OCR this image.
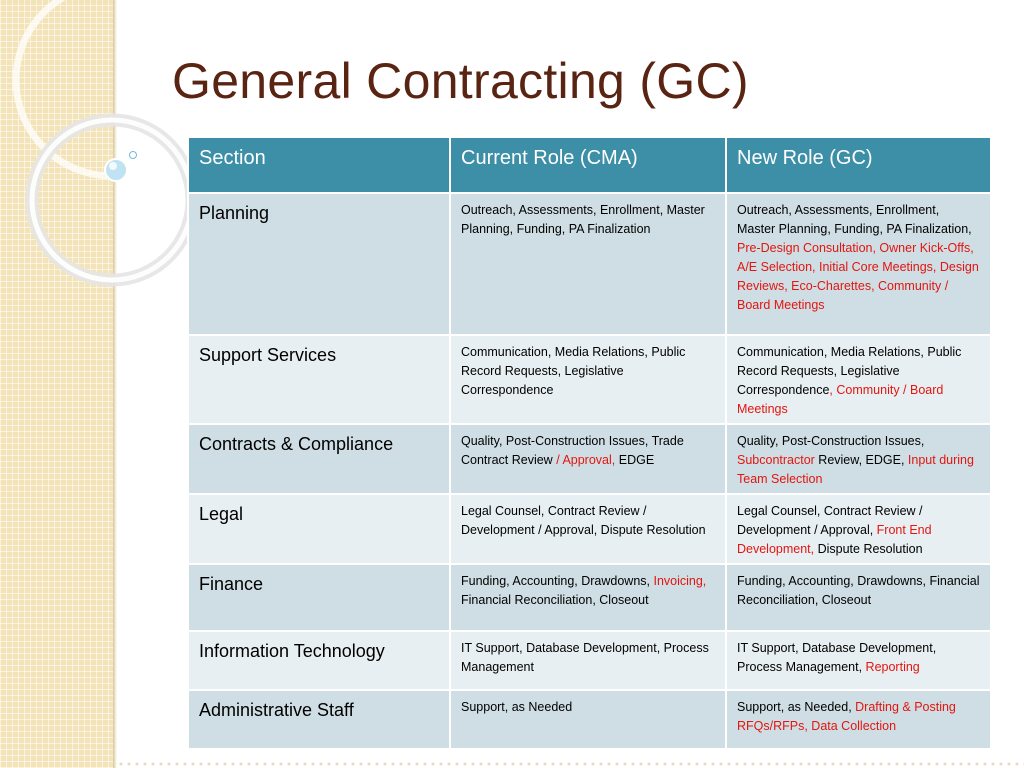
General Contracting (GC)
Section	Current Role (CMA)	New Role (GC)
Planning	Outreach, Assessments, Enrollment, Master Planning, Funding, PA Finalization	Outreach, Assessments, Enrollment, Master Planning, Funding, PA Finalization, Pre-Design Consultation, Owner Kick-Offs, A/E Selection, Initial Core Meetings, Design Reviews, Eco-Charettes, Community / Board Meetings
Support Services	Communication, Media Relations, Public Record Requests, Legislative Correspondence	Communication, Media Relations, Public Record Requests, Legislative Correspondence, Community / Board Meetings
Contracts & Compliance	Quality, Post-Construction Issues, Trade Contract Review / Approval, EDGE	Quality, Post-Construction Issues, Subcontractor Review, EDGE, Input during Team Selection
Legal	Legal Counsel, Contract Review / Development / Approval, Dispute Resolution	Legal Counsel, Contract Review / Development / Approval, Front End Development, Dispute Resolution
Finance	Funding, Accounting, Drawdowns, Invoicing, Financial Reconciliation, Closeout	Funding, Accounting, Drawdowns, Financial Reconciliation, Closeout
Information Technology	IT Support, Database Development, Process Management	IT Support, Database Development, Process Management, Reporting
Administrative Staff	Support, as Needed	Support, as Needed, Drafting & Posting RFQs/RFPs, Data Collection
